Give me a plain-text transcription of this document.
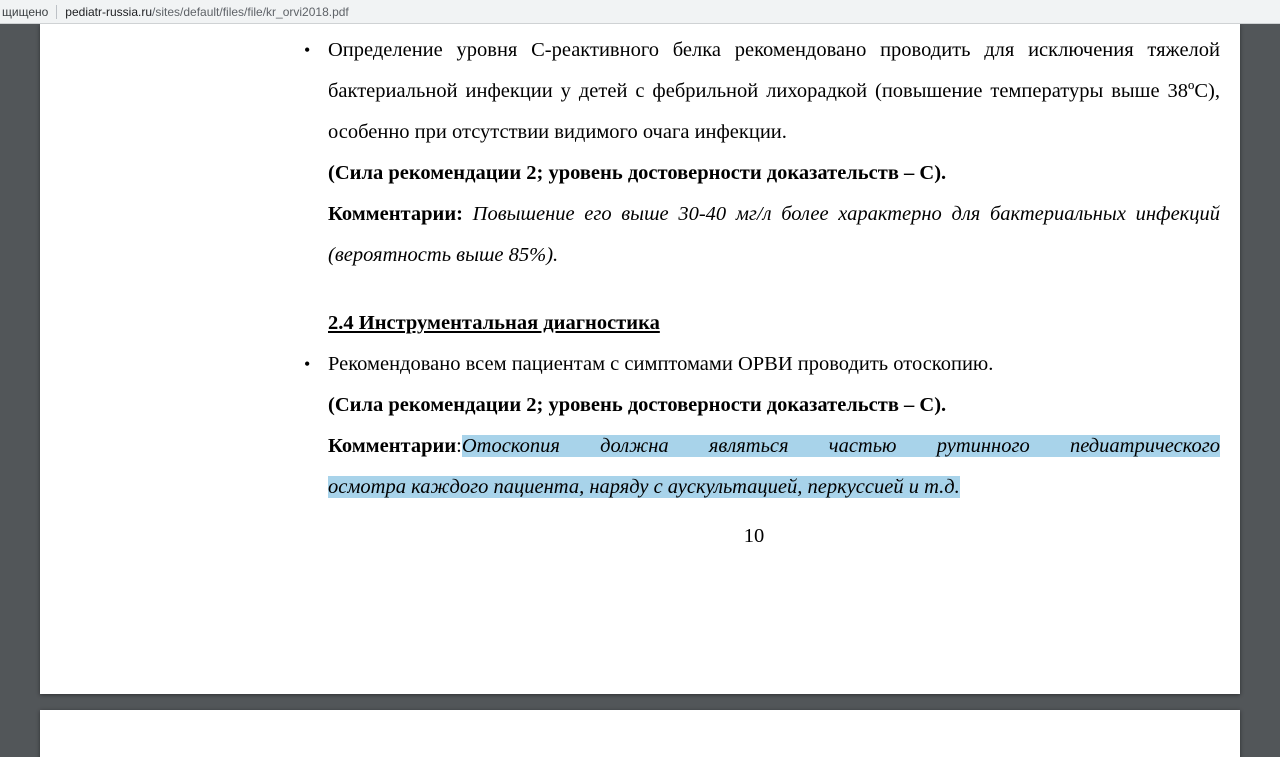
щищено pediatr-russia.ru/sites/default/files/file/kr_orvi2018.pdf
• Определение уровня С-реактивного белка рекомендовано проводить для исключения тяжелой бактериальной инфекции у детей с фебрильной лихорадкой (повышение температуры выше 38ºС), особенно при отсутствии видимого очага инфекции.
(Сила рекомендации 2; уровень достоверности доказательств – С).
Комментарии: Повышение его выше 30-40 мг/л более характерно для бактериальных инфекций (вероятность выше 85%).
2.4 Инструментальная диагностика
• Рекомендовано всем пациентам с симптомами ОРВИ проводить отоскопию.
(Сила рекомендации 2; уровень достоверности доказательств – С).
Комментарии:Отоскопия должна являться частью рутинного педиатрического
осмотра каждого пациента, наряду с аускультацией, перкуссией и т.д.
10
